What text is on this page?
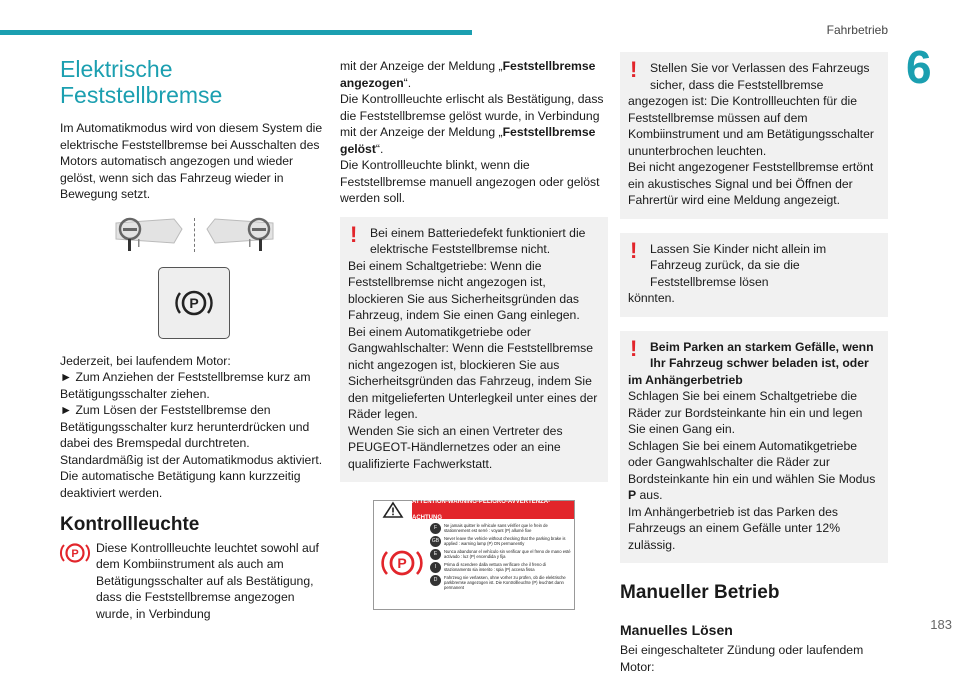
Fahrbetrieb
6
183
Elektrische
Feststellbremse
Im Automatikmodus wird von diesem System die elektrische Feststellbremse bei Ausschalten des Motors automatisch angezogen und wieder gelöst, wenn sich das Fahrzeug wieder in Bewegung setzt.
P
Jederzeit, bei laufendem Motor:
► Zum Anziehen der Feststellbremse kurz am Betätigungsschalter ziehen.
► Zum Lösen der Feststellbremse den Betätigungsschalter kurz herunterdrücken und dabei des Bremspedal durchtreten.
Standardmäßig ist der Automatikmodus aktiviert.
Die automatische Betätigung kann kurzzeitig deaktiviert werden.
Kontrollleuchte
P Diese Kontrollleuchte leuchtet sowohl auf dem Kombiinstrument als auch am Betätigungsschalter auf als Bestätigung, dass die Feststellbremse angezogen wurde, in Verbindung
mit der Anzeige der Meldung „Feststellbremse angezogen“.
Die Kontrollleuchte erlischt als Bestätigung, dass die Feststellbremse gelöst wurde, in Verbindung mit der Anzeige der Meldung „Feststellbremse gelöst“.
Die Kontrollleuchte blinkt, wenn die Feststellbremse manuell angezogen oder gelöst werden soll.
!	Bei einem Batteriedefekt funktioniert die elektrische Feststellbremse nicht.
Bei einem Schaltgetriebe: Wenn die Feststellbremse nicht angezogen ist, blockieren Sie aus Sicherheitsgründen das Fahrzeug, indem Sie einen Gang einlegen.
Bei einem Automatikgetriebe oder Gangwahlschalter: Wenn die Feststellbremse nicht angezogen ist, blockieren Sie aus Sicherheitsgründen das Fahrzeug, indem Sie den mitgelieferten Unterlegkeil unter eines der Räder legen.
Wenden Sie sich an einen Vertreter des PEUGEOT-Händlernetzes oder an eine qualifizierte Fachwerkstatt.
ATTENTION-WARNING-PELIGRO-AVVERTENZA-ACHTUNG
P
F	Ne jamais quitter le véhicule sans vérifier que le frein de stationnement est serré : voyant (P) allumé fixe
GB	Never leave the vehicle without checking that the parking brake is applied : warning lamp (P) ON permanently
E	Nunca abandonar el vehículo sin verificar que el freno de mano esté activado : luz (P) encendida y fija
I	Prima di scendere dalla vettura verificare che il freno di stazionamento sia inserito : spia (P) accesa fissa
D	Fahrzeug nie verlassen, ohne vorher zu prüfen, ob die elektrische parkbremse angezogen ist. Die Kontrollleuchte (P) leuchtet dann permanent
!	Stellen Sie vor Verlassen des Fahrzeugs sicher, dass die Feststellbremse
angezogen ist: Die Kontrollleuchten für die Feststellbremse müssen auf dem Kombiinstrument und am Betätigungsschalter ununterbrochen leuchten.
Bei nicht angezogener Feststellbremse ertönt ein akustisches Signal und bei Öffnen der Fahrertür wird eine Meldung angezeigt.
!	Lassen Sie Kinder nicht allein im Fahrzeug zurück, da sie die Feststellbremse lösen
könnten.
!	Beim Parken an starkem Gefälle, wenn Ihr Fahrzeug schwer beladen ist, oder
im Anhängerbetrieb
Schlagen Sie bei einem Schaltgetriebe die Räder zur Bordsteinkante hin ein und legen Sie einen Gang ein.
Schlagen Sie bei einem Automatikgetriebe oder Gangwahlschalter die Räder zur Bordsteinkante hin ein und wählen Sie Modus P aus.
Im Anhängerbetrieb ist das Parken des Fahrzeugs an einem Gefälle unter 12% zulässig.
Manueller Betrieb
Manuelles Lösen
Bei eingeschalteter Zündung oder laufendem Motor:
